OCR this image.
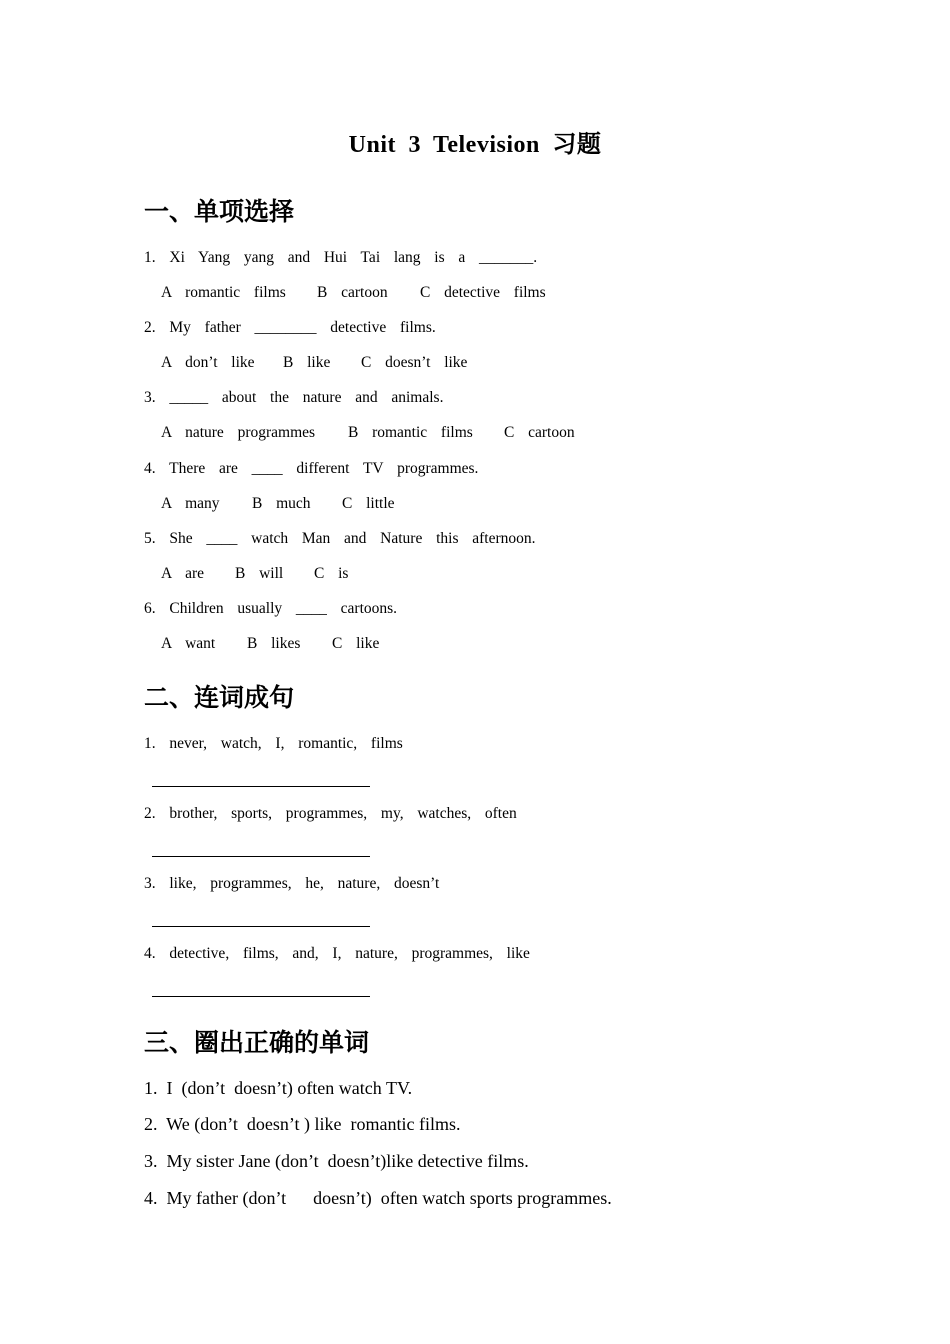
Unit 3 Television 习题
一、单项选择
1.  Xi  Yang  yang  and  Hui  Tai  lang  is  a  _______.
A  romantic  films B  cartoon C  detective  films
2.  My  father  ________  detective  films.
A  don’t  like B  like C  doesn’t  like
3.  _____  about  the  nature  and  animals.
A  nature  programmes B  romantic  films C  cartoon
4.  There  are  ____  different  TV  programmes.
A  many B  much C  little
5.  She  ____  watch  Man  and  Nature  this  afternoon.
A  are B  will C  is
6.  Children  usually  ____  cartoons.
A  want B  likes C  like
二、连词成句
1.  never,  watch,  I,  romantic,  films
2.  brother,  sports,  programmes,  my,  watches,  often
3.  like,  programmes,  he,  nature,  doesn’t
4.  detective,  films,  and,  I,  nature,  programmes,  like
三、圈出正确的单词
1.  I  (don’t  doesn’t) often watch TV.
2.  We (don’t  doesn’t ) like  romantic films.
3.  My sister Jane (don’t  doesn’t)like detective films.
4.  My father (don’t      doesn’t)  often watch sports programmes.
